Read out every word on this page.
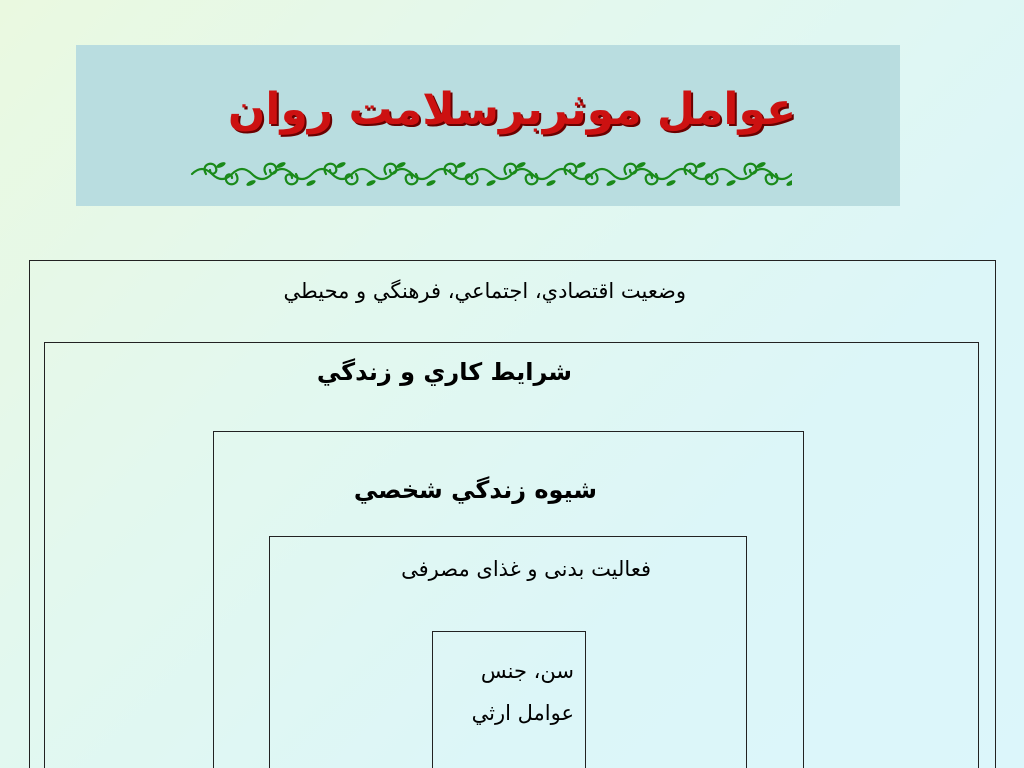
عوامل موثربرسلامت روان
وضعيت اقتصادي، اجتماعي، فرهنگي و محيطي
شرايط كاري و زندگي
شيوه زندگي شخصي
فعالیت بدنی و غذای مصرفی
سن، جنس
عوامل ارثي
